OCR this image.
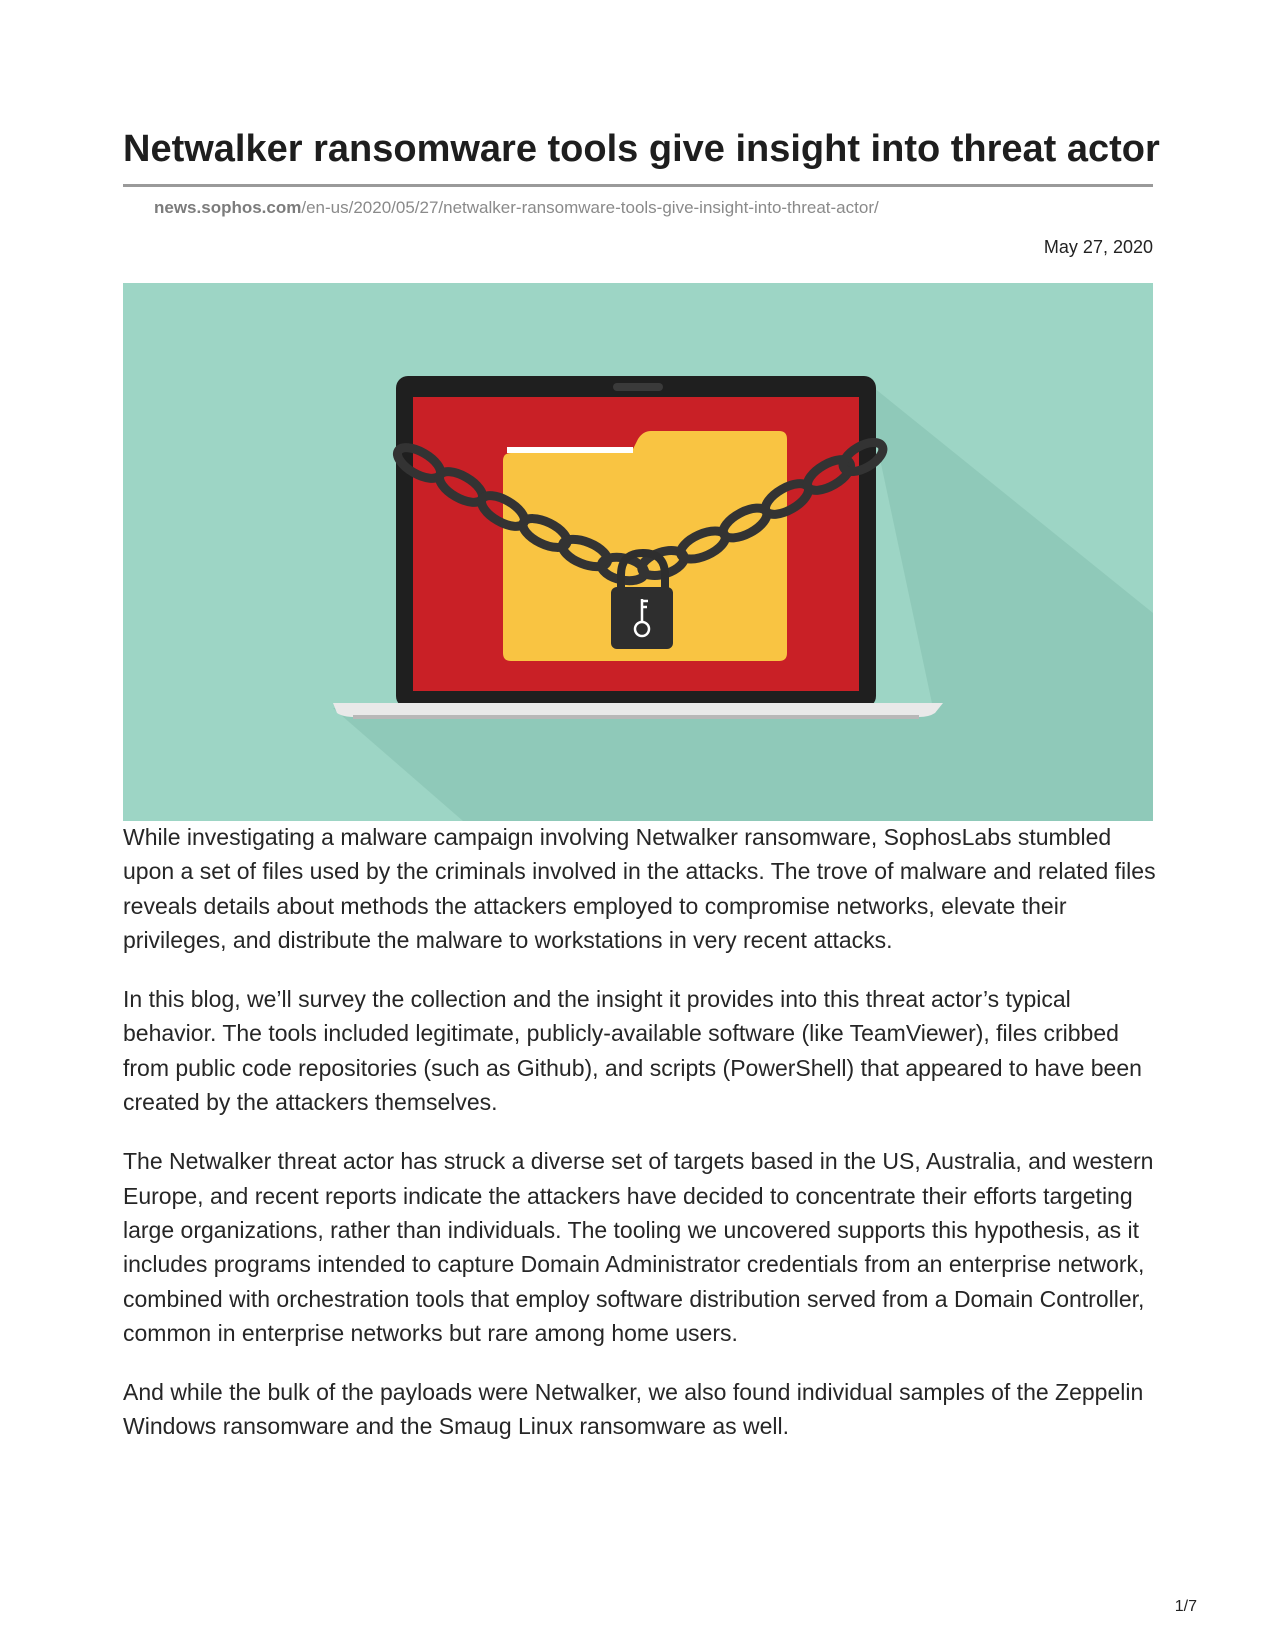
Netwalker ransomware tools give insight into threat actor
news.sophos.com/en-us/2020/05/27/netwalker-ransomware-tools-give-insight-into-threat-actor/
May 27, 2020

While investigating a malware campaign involving Netwalker ransomware, SophosLabs stumbled upon a set of files used by the criminals involved in the attacks. The trove of malware and related files reveals details about methods the attackers employed to compromise networks, elevate their privileges, and distribute the malware to workstations in very recent attacks.

In this blog, we’ll survey the collection and the insight it provides into this threat actor’s typical behavior. The tools included legitimate, publicly-available software (like TeamViewer), files cribbed from public code repositories (such as Github), and scripts (PowerShell) that appeared to have been created by the attackers themselves.

The Netwalker threat actor has struck a diverse set of targets based in the US, Australia, and western Europe, and recent reports indicate the attackers have decided to concentrate their efforts targeting large organizations, rather than individuals. The tooling we uncovered supports this hypothesis, as it includes programs intended to capture Domain Administrator credentials from an enterprise network, combined with orchestration tools that employ software distribution served from a Domain Controller, common in enterprise networks but rare among home users.

And while the bulk of the payloads were Netwalker, we also found individual samples of the Zeppelin Windows ransomware and the Smaug Linux ransomware as well.

1/7
